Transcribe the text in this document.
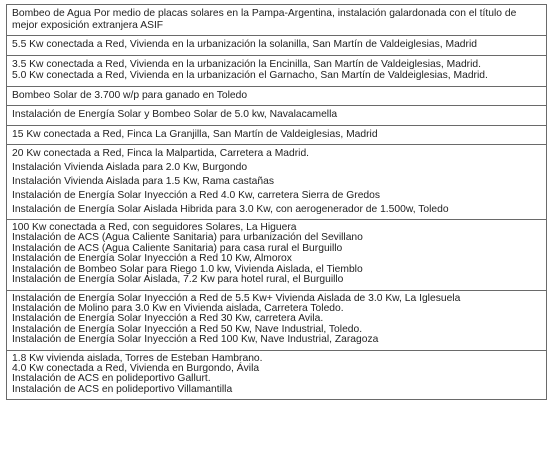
Bombeo de Agua Por medio de placas solares en la Pampa-Argentina, instalación galardonada con el título de mejor exposición extranjera ASIF

5.5 Kw conectada a Red, Vivienda en la urbanización la solanilla, San Martín de Valdeiglesias, Madrid

3.5 Kw conectada a Red, Vivienda en la urbanización la Encinilla, San Martín de Valdeiglesias, Madrid.
5.0 Kw conectada a Red, Vivienda en la urbanización el Garnacho, San Martín de Valdeiglesias, Madrid.

Bombeo Solar de 3.700 w/p para ganado en Toledo

Instalación de Energía Solar y Bombeo Solar de 5.0 kw, Navalacamella

15 Kw conectada a Red, Finca La Granjilla, San Martín de Valdeiglesias, Madrid

20 Kw conectada a Red, Finca la Malpartida, Carretera a Madrid.
Instalación Vivienda Aislada para 2.0 Kw, Burgondo
Instalación Vivienda Aislada para 1.5 Kw, Rama castañas
Instalación de Energía Solar Inyección a Red 4.0 Kw, carretera Sierra de Gredos
Instalación de Energía Solar Aislada Hibrida para 3.0 Kw, con aerogenerador de 1.500w, Toledo

100 Kw conectada a Red, con seguidores Solares, La Higuera
Instalación de ACS (Agua Caliente Sanitaria) para urbanización del Sevillano
Instalación de ACS (Agua Caliente Sanitaria) para casa rural el Burguillo
Instalación de Energía Solar Inyección a Red 10 Kw, Almorox
Instalación de Bombeo Solar para Riego 1.0 kw, Vivienda Aislada, el Tiemblo
Instalación de Energía Solar Aislada, 7.2 Kw para hotel rural, el Burguillo

Instalación de Energía Solar Inyección a Red de 5.5 Kw+ Vivienda Aislada de 3.0 Kw, La Iglesuela
Instalación de Molino para 3.0 Kw en Vivienda aislada, Carretera Toledo.
Instalación de Energía Solar Inyección a Red 30 Kw, carretera Avila.
Instalación de Energía Solar Inyección a Red 50 Kw, Nave Industrial, Toledo.
Instalación de Energía Solar Inyección a Red 100 Kw, Nave Industrial, Zaragoza

1.8 Kw vivienda aislada, Torres de Esteban Hambrano.
4.0 Kw conectada a Red, Vivienda en Burgondo, Ávila
Instalación de ACS en polideportivo Gallurt.
Instalación de ACS en polideportivo Villamantilla
